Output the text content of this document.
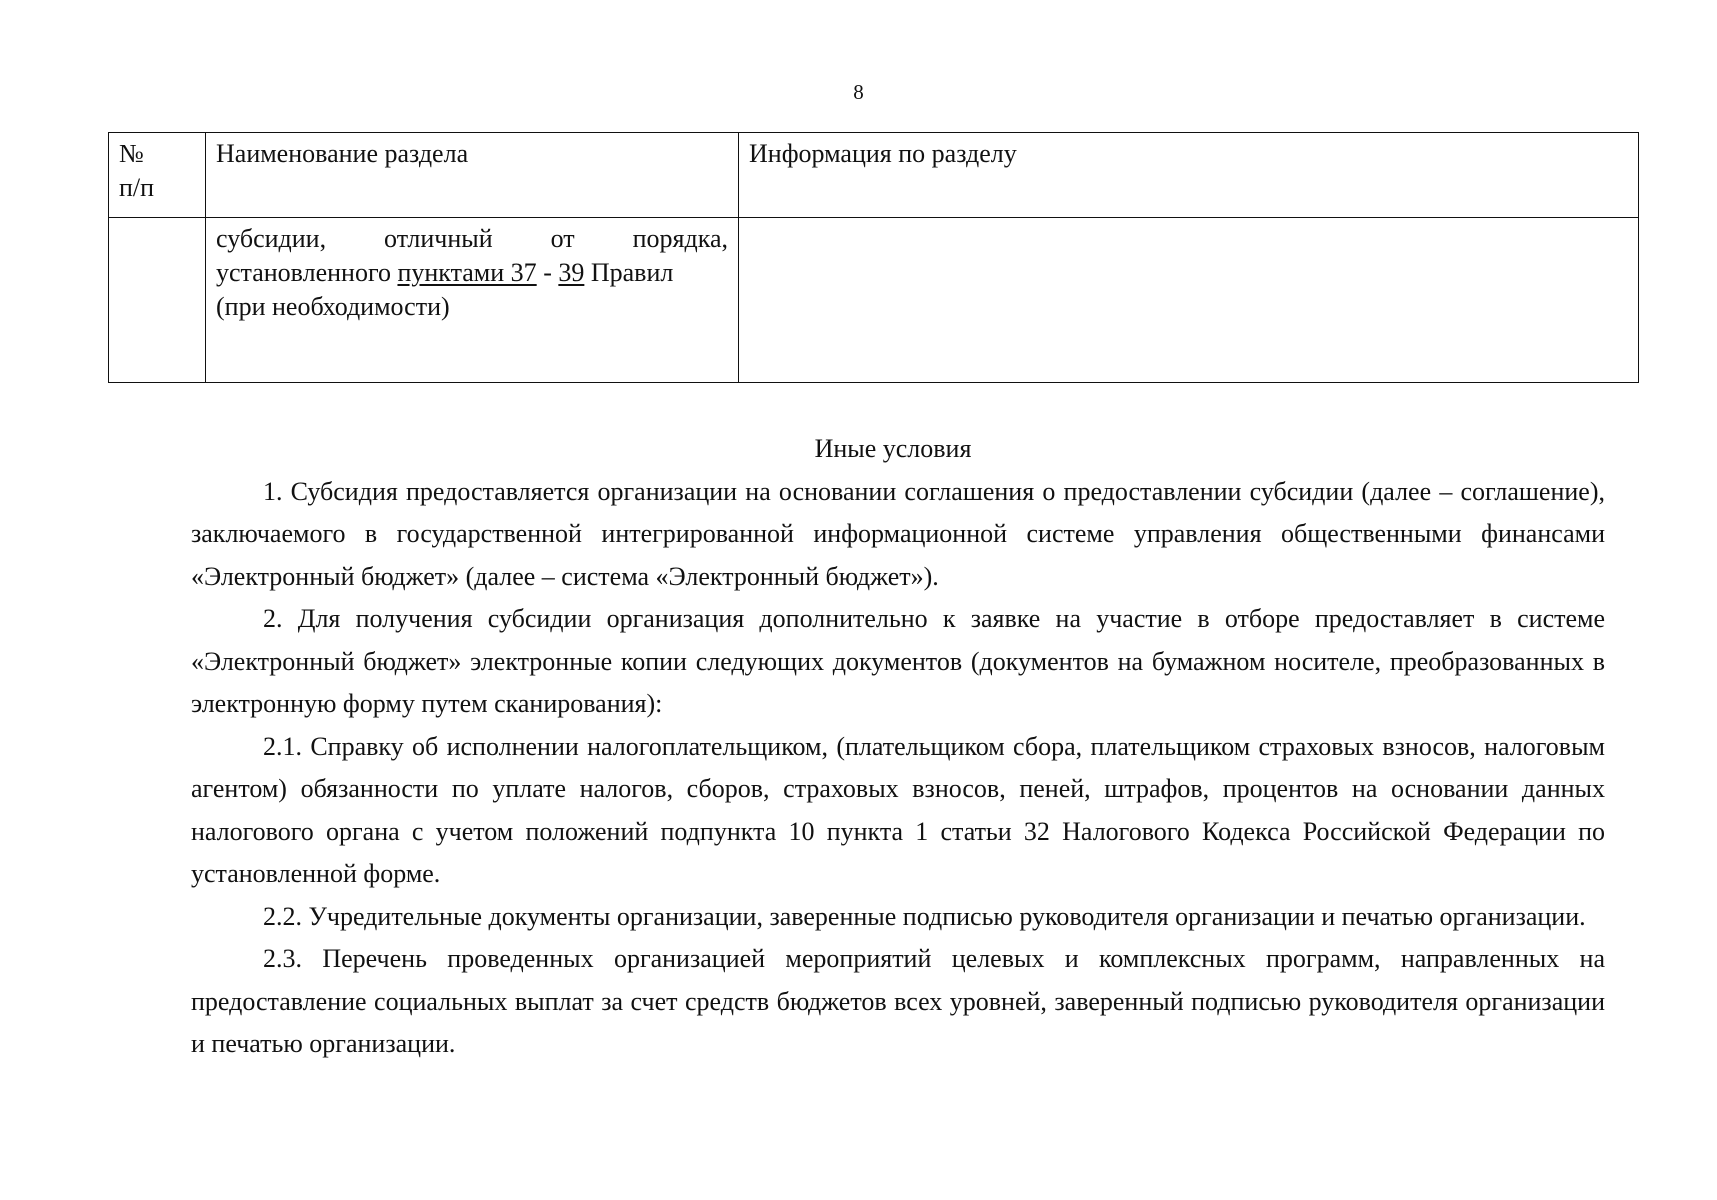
8
№
п/п	Наименование раздела	Информация по разделу

	субсидии, отличный от порядка,
установленного пунктами 37 - 39 Правил
(при необходимости)	

Иные условия

1. Субсидия предоставляется организации на основании соглашения о предоставлении субсидии (далее – соглашение), заключаемого в государственной интегрированной информационной системе управления общественными финансами «Электронный бюджет» (далее – система «Электронный бюджет»).

2. Для получения субсидии организация дополнительно к заявке на участие в отборе предоставляет в системе «Электронный бюджет» электронные копии следующих документов (документов на бумажном носителе, преобразованных в электронную форму путем сканирования):

2.1. Справку об исполнении налогоплательщиком, (плательщиком сбора, плательщиком страховых взносов, налоговым агентом) обязанности по уплате налогов, сборов, страховых взносов, пеней, штрафов, процентов на основании данных налогового органа с учетом положений подпункта 10 пункта 1 статьи 32 Налогового Кодекса Российской Федерации по установленной форме.

2.2. Учредительные документы организации, заверенные подписью руководителя организации и печатью организации.

2.3. Перечень проведенных организацией мероприятий целевых и комплексных программ, направленных на предоставление социальных выплат за счет средств бюджетов всех уровней, заверенный подписью руководителя организации и печатью организации.
